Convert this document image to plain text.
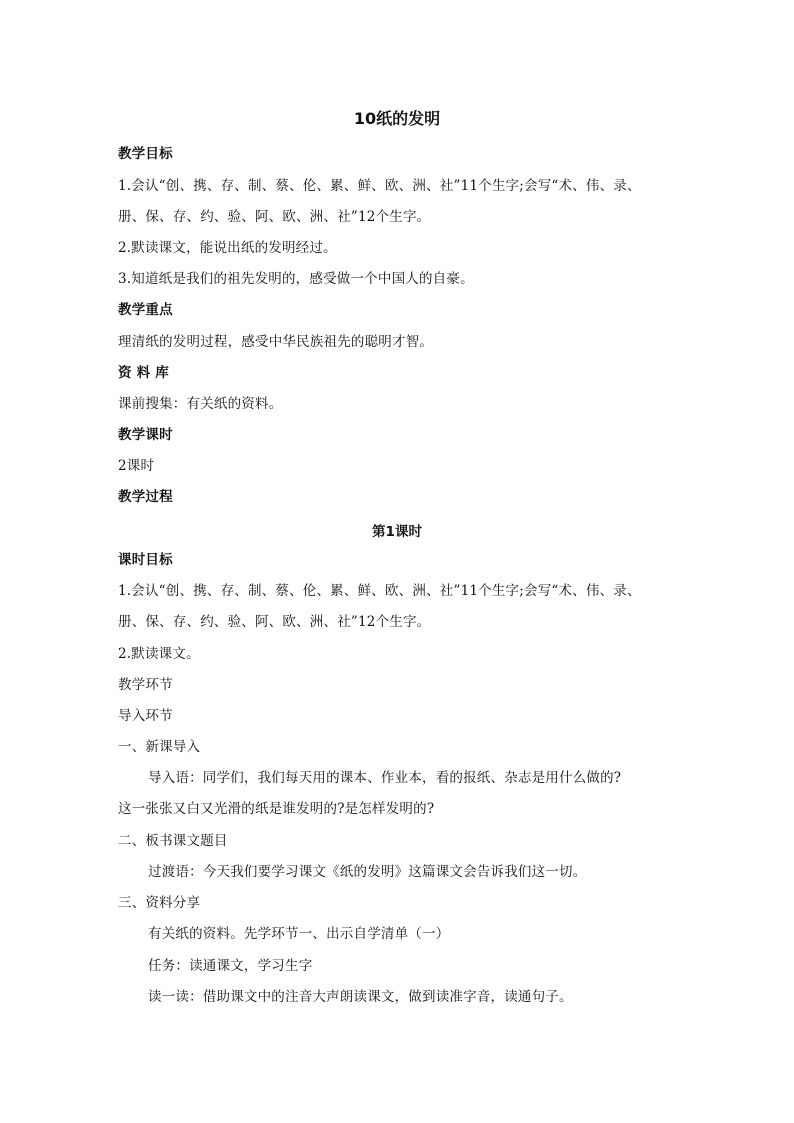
10纸的发明
教学目标
1.会认“创、携、存、制、蔡、伦、累、鲜、欧、洲、社”11个生字;会写“术、伟、录、
册、保、存、约、验、阿、欧、洲、社”12个生字。
2.默读课文，能说出纸的发明经过。
3.知道纸是我们的祖先发明的，感受做一个中国人的自豪。
教学重点
理清纸的发明过程，感受中华民族祖先的聪明才智。
资 料 库
课前搜集：有关纸的资料。
教学课时
2课时
教学过程
第1课时
课时目标
1.会认“创、携、存、制、蔡、伦、累、鲜、欧、洲、社”11个生字;会写“术、伟、录、
册、保、存、约、验、阿、欧、洲、社”12个生字。
2.默读课文。
教学环节
导入环节
一、新课导入
导入语：同学们，我们每天用的课本、作业本，看的报纸、杂志是用什么做的?
这一张张又白又光滑的纸是谁发明的?是怎样发明的?
二、板书课文题目
过渡语：今天我们要学习课文《纸的发明》这篇课文会告诉我们这一切。
三、资料分享
有关纸的资料。先学环节一、出示自学清单（一）
任务：读通课文，学习生字
读一读：借助课文中的注音大声朗读课文，做到读准字音，读通句子。
